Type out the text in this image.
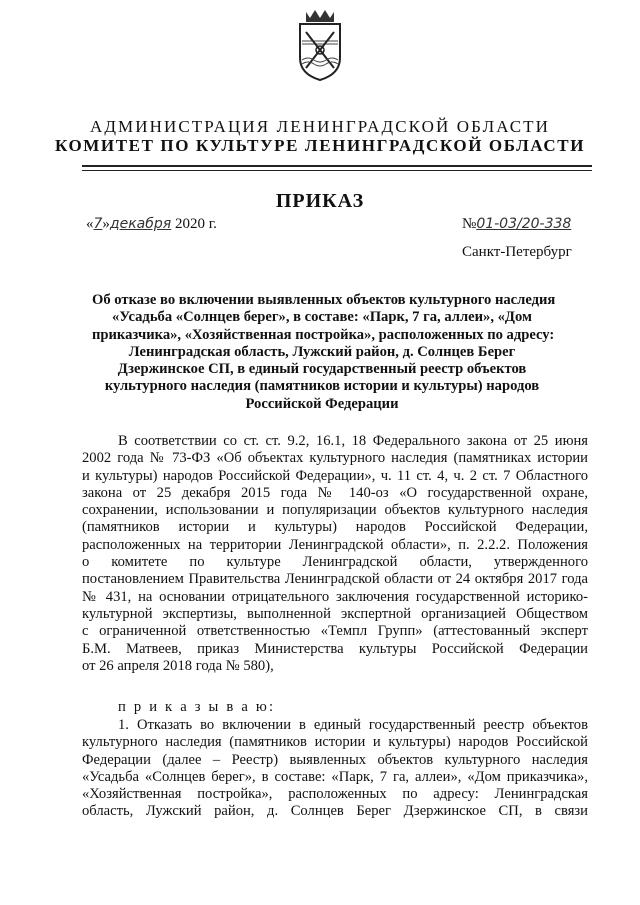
АДМИНИСТРАЦИЯ ЛЕНИНГРАДСКОЙ ОБЛАСТИ
КОМИТЕТ ПО КУЛЬТУРЕ ЛЕНИНГРАДСКОЙ ОБЛАСТИ
ПРИКАЗ
«7»декабря 2020 г.	№01-03/20-338
Санкт-Петербург
Об отказе во включении выявленных объектов культурного наследия
«Усадьба «Солнцев берег», в составе: «Парк, 7 га, аллеи», «Дом
приказчика», «Хозяйственная постройка», расположенных по адресу:
Ленинградская область, Лужский район, д. Солнцев Берег
Дзержинское СП, в единый государственный реестр объектов
культурного наследия (памятников истории и культуры) народов
Российской Федерации
В соответствии со ст. ст. 9.2, 16.1, 18 Федерального закона от 25 июня
2002 года № 73-ФЗ «Об объектах культурного наследия (памятниках истории
и культуры) народов Российской Федерации», ч. 11 ст. 4, ч. 2 ст. 7 Областного
закона от 25 декабря 2015 года № 140-оз «О государственной охране,
сохранении, использовании и популяризации объектов культурного наследия
(памятников истории и культуры) народов Российской Федерации,
расположенных на территории Ленинградской области», п. 2.2.2. Положения
о комитете по культуре Ленинградской области, утвержденного
постановлением Правительства Ленинградской области от 24 октября 2017 года
№ 431, на основании отрицательного заключения государственной историко-
культурной экспертизы, выполненной экспертной организацией Обществом
с ограниченной ответственностью «Темпл Групп» (аттестованный эксперт
Б.М. Матвеев, приказ Министерства культуры Российской Федерации
от 26 апреля 2018 года № 580),
п р и к а з ы в а ю:
1. Отказать во включении в единый государственный реестр объектов
культурного наследия (памятников истории и культуры) народов Российской
Федерации (далее – Реестр) выявленных объектов культурного наследия
«Усадьба «Солнцев берег», в составе: «Парк, 7 га, аллеи», «Дом приказчика»,
«Хозяйственная постройка», расположенных по адресу: Ленинградская
область, Лужский район, д. Солнцев Берег Дзержинское СП, в связи
